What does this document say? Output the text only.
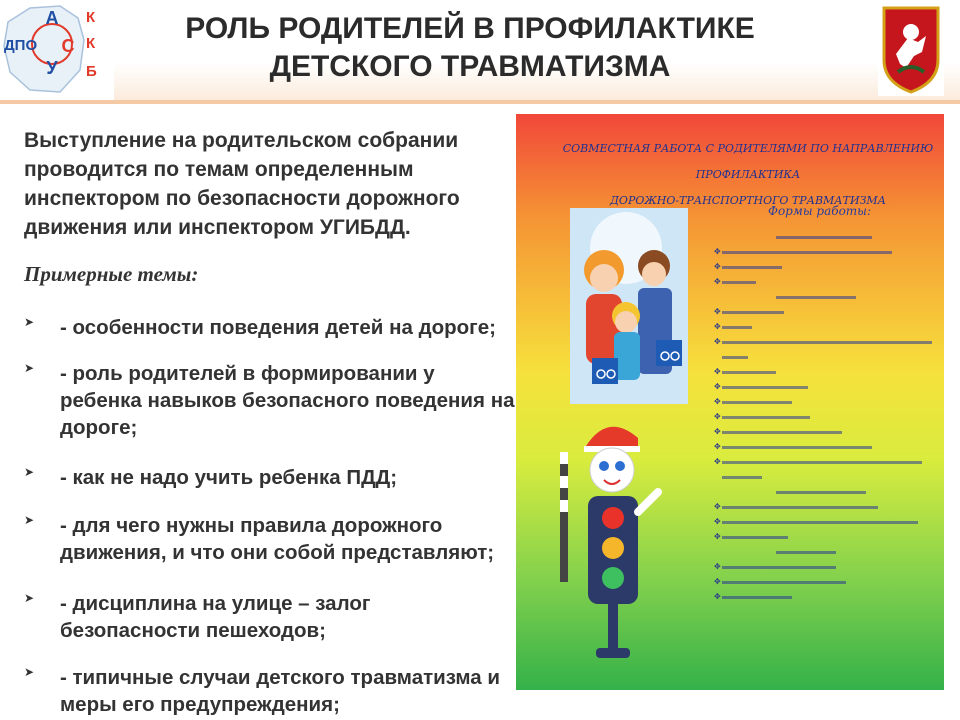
А
С
У
ДПО
К
К
Б
РОЛЬ РОДИТЕЛЕЙ В ПРОФИЛАКТИКЕ
ДЕТСКОГО ТРАВМАТИЗМА
Выступление на родительском собрании проводится по темам определенным инспектором по безопасности дорожного движения или инспектором УГИБДД.
Примерные темы:
➤ - особенности поведения детей на дороге;
➤ - роль родителей в формировании у ребенка навыков безопасного поведения на дороге;
➤ - как не надо учить ребенка ПДД;
➤ - для чего нужны правила дорожного движения, и что они собой представляют;
➤ - дисциплина на улице – залог безопасности пешеходов;
➤ - типичные случаи детского травматизма и меры его предупреждения;
СОВМЕСТНАЯ РАБОТА С РОДИТЕЛЯМИ ПО НАПРАВЛЕНИЮ ПРОФИЛАКТИКА
ДОРОЖНО-ТРАНСПОРТНОГО ТРАВМАТИЗМА
Формы работы:
✥
✥
✥
✥
✥
✥
✥
✥
✥
✥
✥
✥
✥
✥
✥
✥
✥
✥
✥
